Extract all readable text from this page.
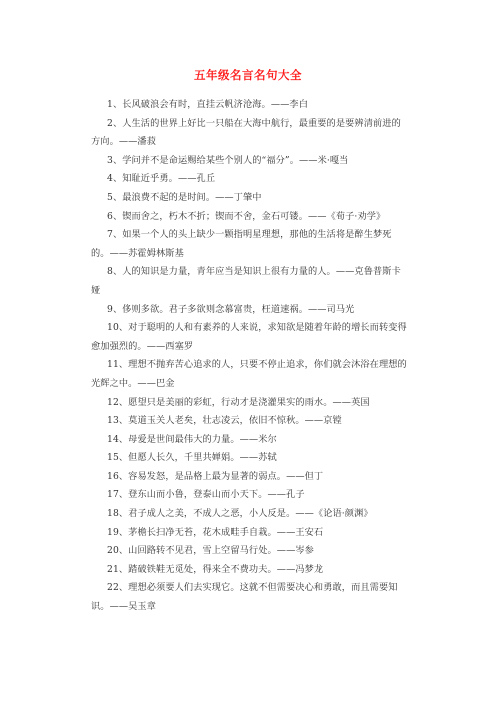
五年级名言名句大全

1、长风破浪会有时，直挂云帆济沧海。——李白

2、人生活的世界上好比一只船在大海中航行，最重要的是要辨清前进的方向。——潘菽

3、学问并不是命运赐给某些个别人的“福分”。——米·嘎当

4、知耻近乎勇。——孔丘

5、最浪费不起的是时间。——丁肇中

6、锲而舍之，朽木不折；锲而不舍，金石可镂。——《荀子·劝学》

7、如果一个人的头上缺少一颗指明星理想，那他的生活将是醉生梦死的。——苏霍姆林斯基

8、人的知识是力量，青年应当是知识上很有力量的人。——克鲁普斯卡娅

9、侈则多欲。君子多欲则念慕富贵，枉道速祸。——司马光

10、对于聪明的人和有素养的人来说，求知欲是随着年龄的增长而转变得愈加强烈的。——西塞罗

11、理想不抛弃苦心追求的人，只要不停止追求，你们就会沐浴在理想的光辉之中。——巴金

12、愿望只是美丽的彩虹，行动才是浇灌果实的雨水。——英国

13、莫道玉关人老矣，壮志凌云，依旧不惊秋。——京镗

14、母爱是世间最伟大的力量。——米尔

15、但愿人长久，千里共婵娟。——苏轼

16、容易发怒，是品格上最为显著的弱点。——但丁

17、登东山而小鲁，登泰山而小天下。——孔子

18、君子成人之美，不成人之恶，小人反是。——《论语·颜渊》

19、茅檐长扫净无苔，花木成畦手自栽。——王安石

20、山回路转不见君，雪上空留马行处。——岑参

21、踏破铁鞋无觅处，得来全不费功夫。——冯梦龙

22、理想必须要人们去实现它。这就不但需要决心和勇敢，而且需要知识。——吴玉章
